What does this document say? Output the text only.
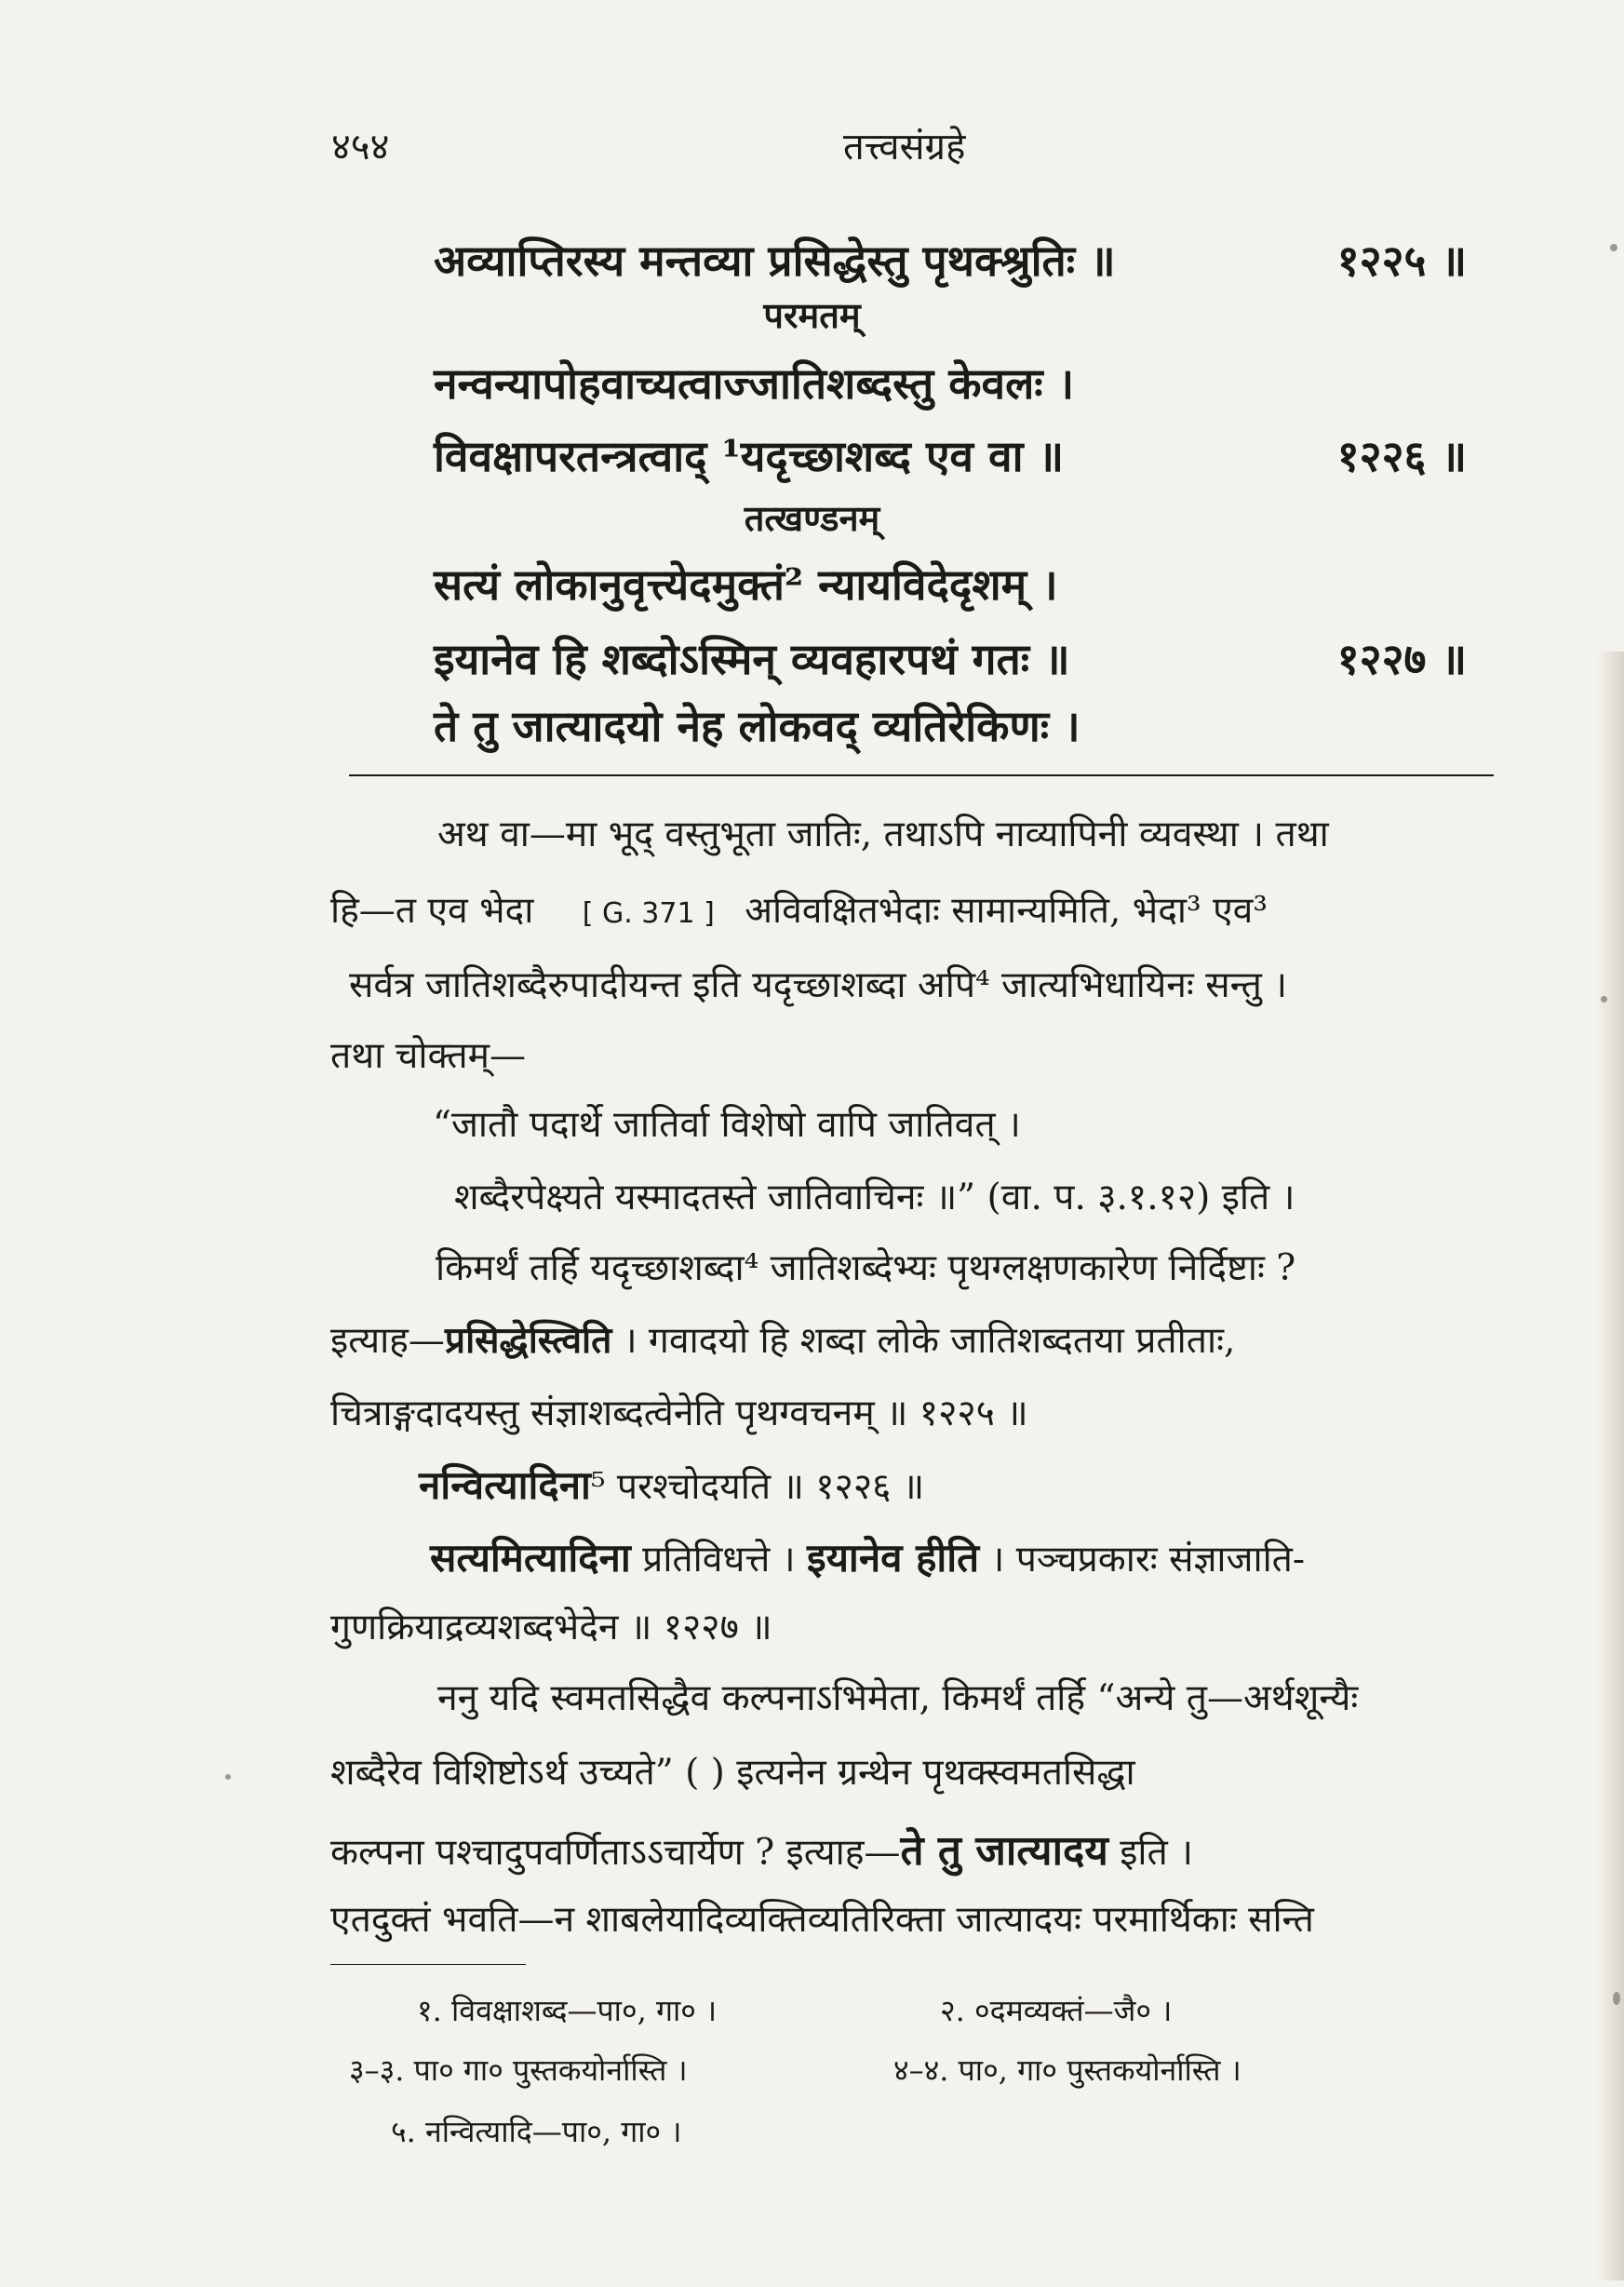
४५४	तत्त्वसंग्रहे
अव्याप्तिरस्य मन्तव्या प्रसिद्धेस्तु पृथक्श्रुतिः ॥	१२२५ ॥
परमतम्
नन्वन्यापोहवाच्यत्वाज्जातिशब्दस्तु केवलः ।
विवक्षापरतन्त्रत्वाद् ¹यदृच्छाशब्द एव वा ॥	१२२६ ॥
तत्खण्डनम्
सत्यं लोकानुवृत्त्येदमुक्तं² न्यायविदेदृशम् ।
इयानेव हि शब्दोऽस्मिन् व्यवहारपथं गतः ॥	१२२७ ॥
ते तु जात्यादयो नेह लोकवद् व्यतिरेकिणः ।
अथ वा—मा भूद् वस्तुभूता जातिः, तथाऽपि नाव्यापिनी व्यवस्था । तथा
हि—त एव भेदा [ G. 371 ] अविवक्षितभेदाः सामान्यमिति, भेदा³ एव³
सर्वत्र जातिशब्दैरुपादीयन्त इति यदृच्छाशब्दा अपि⁴ जात्यभिधायिनः सन्तु ।
तथा चोक्तम्—
“जातौ पदार्थे जातिर्वा विशेषो वापि जातिवत् ।
शब्दैरपेक्ष्यते यस्मादतस्ते जातिवाचिनः ॥” (वा. प. ३.१.१२) इति ।
किमर्थं तर्हि यदृच्छाशब्दा⁴ जातिशब्देभ्यः पृथग्लक्षणकारेण निर्दिष्टाः ?
इत्याह—प्रसिद्धेस्त्विति । गवादयो हि शब्दा लोके जातिशब्दतया प्रतीताः,
चित्राङ्गदादयस्तु संज्ञाशब्दत्वेनेति पृथग्वचनम् ॥ १२२५ ॥
नन्वित्यादिना⁵ परश्चोदयति ॥ १२२६ ॥
सत्यमित्यादिना प्रतिविधत्ते । इयानेव हीति । पञ्चप्रकारः संज्ञाजाति-
गुणक्रियाद्रव्यशब्दभेदेन ॥ १२२७ ॥
ननु यदि स्वमतसिद्धैव कल्पनाऽभिमेता, किमर्थं तर्हि “अन्ये तु—अर्थशून्यैः
शब्दैरेव विशिष्टोऽर्थ उच्यते” ( ) इत्यनेन ग्रन्थेन पृथक्स्वमतसिद्धा
कल्पना पश्चादुपवर्णिताऽऽचार्येण ? इत्याह—ते तु जात्यादय इति ।
एतदुक्तं भवति—न शाबलेयादिव्यक्तिव्यतिरिक्ता जात्यादयः परमार्थिकाः सन्ति
१. विवक्षाशब्द—पा०, गा० ।	२. ०दमव्यक्तं—जै० ।
३–३. पा० गा० पुस्तकयोर्नास्ति ।	४–४. पा०, गा० पुस्तकयोर्नास्ति ।
५. नन्वित्यादि—पा०, गा० ।
